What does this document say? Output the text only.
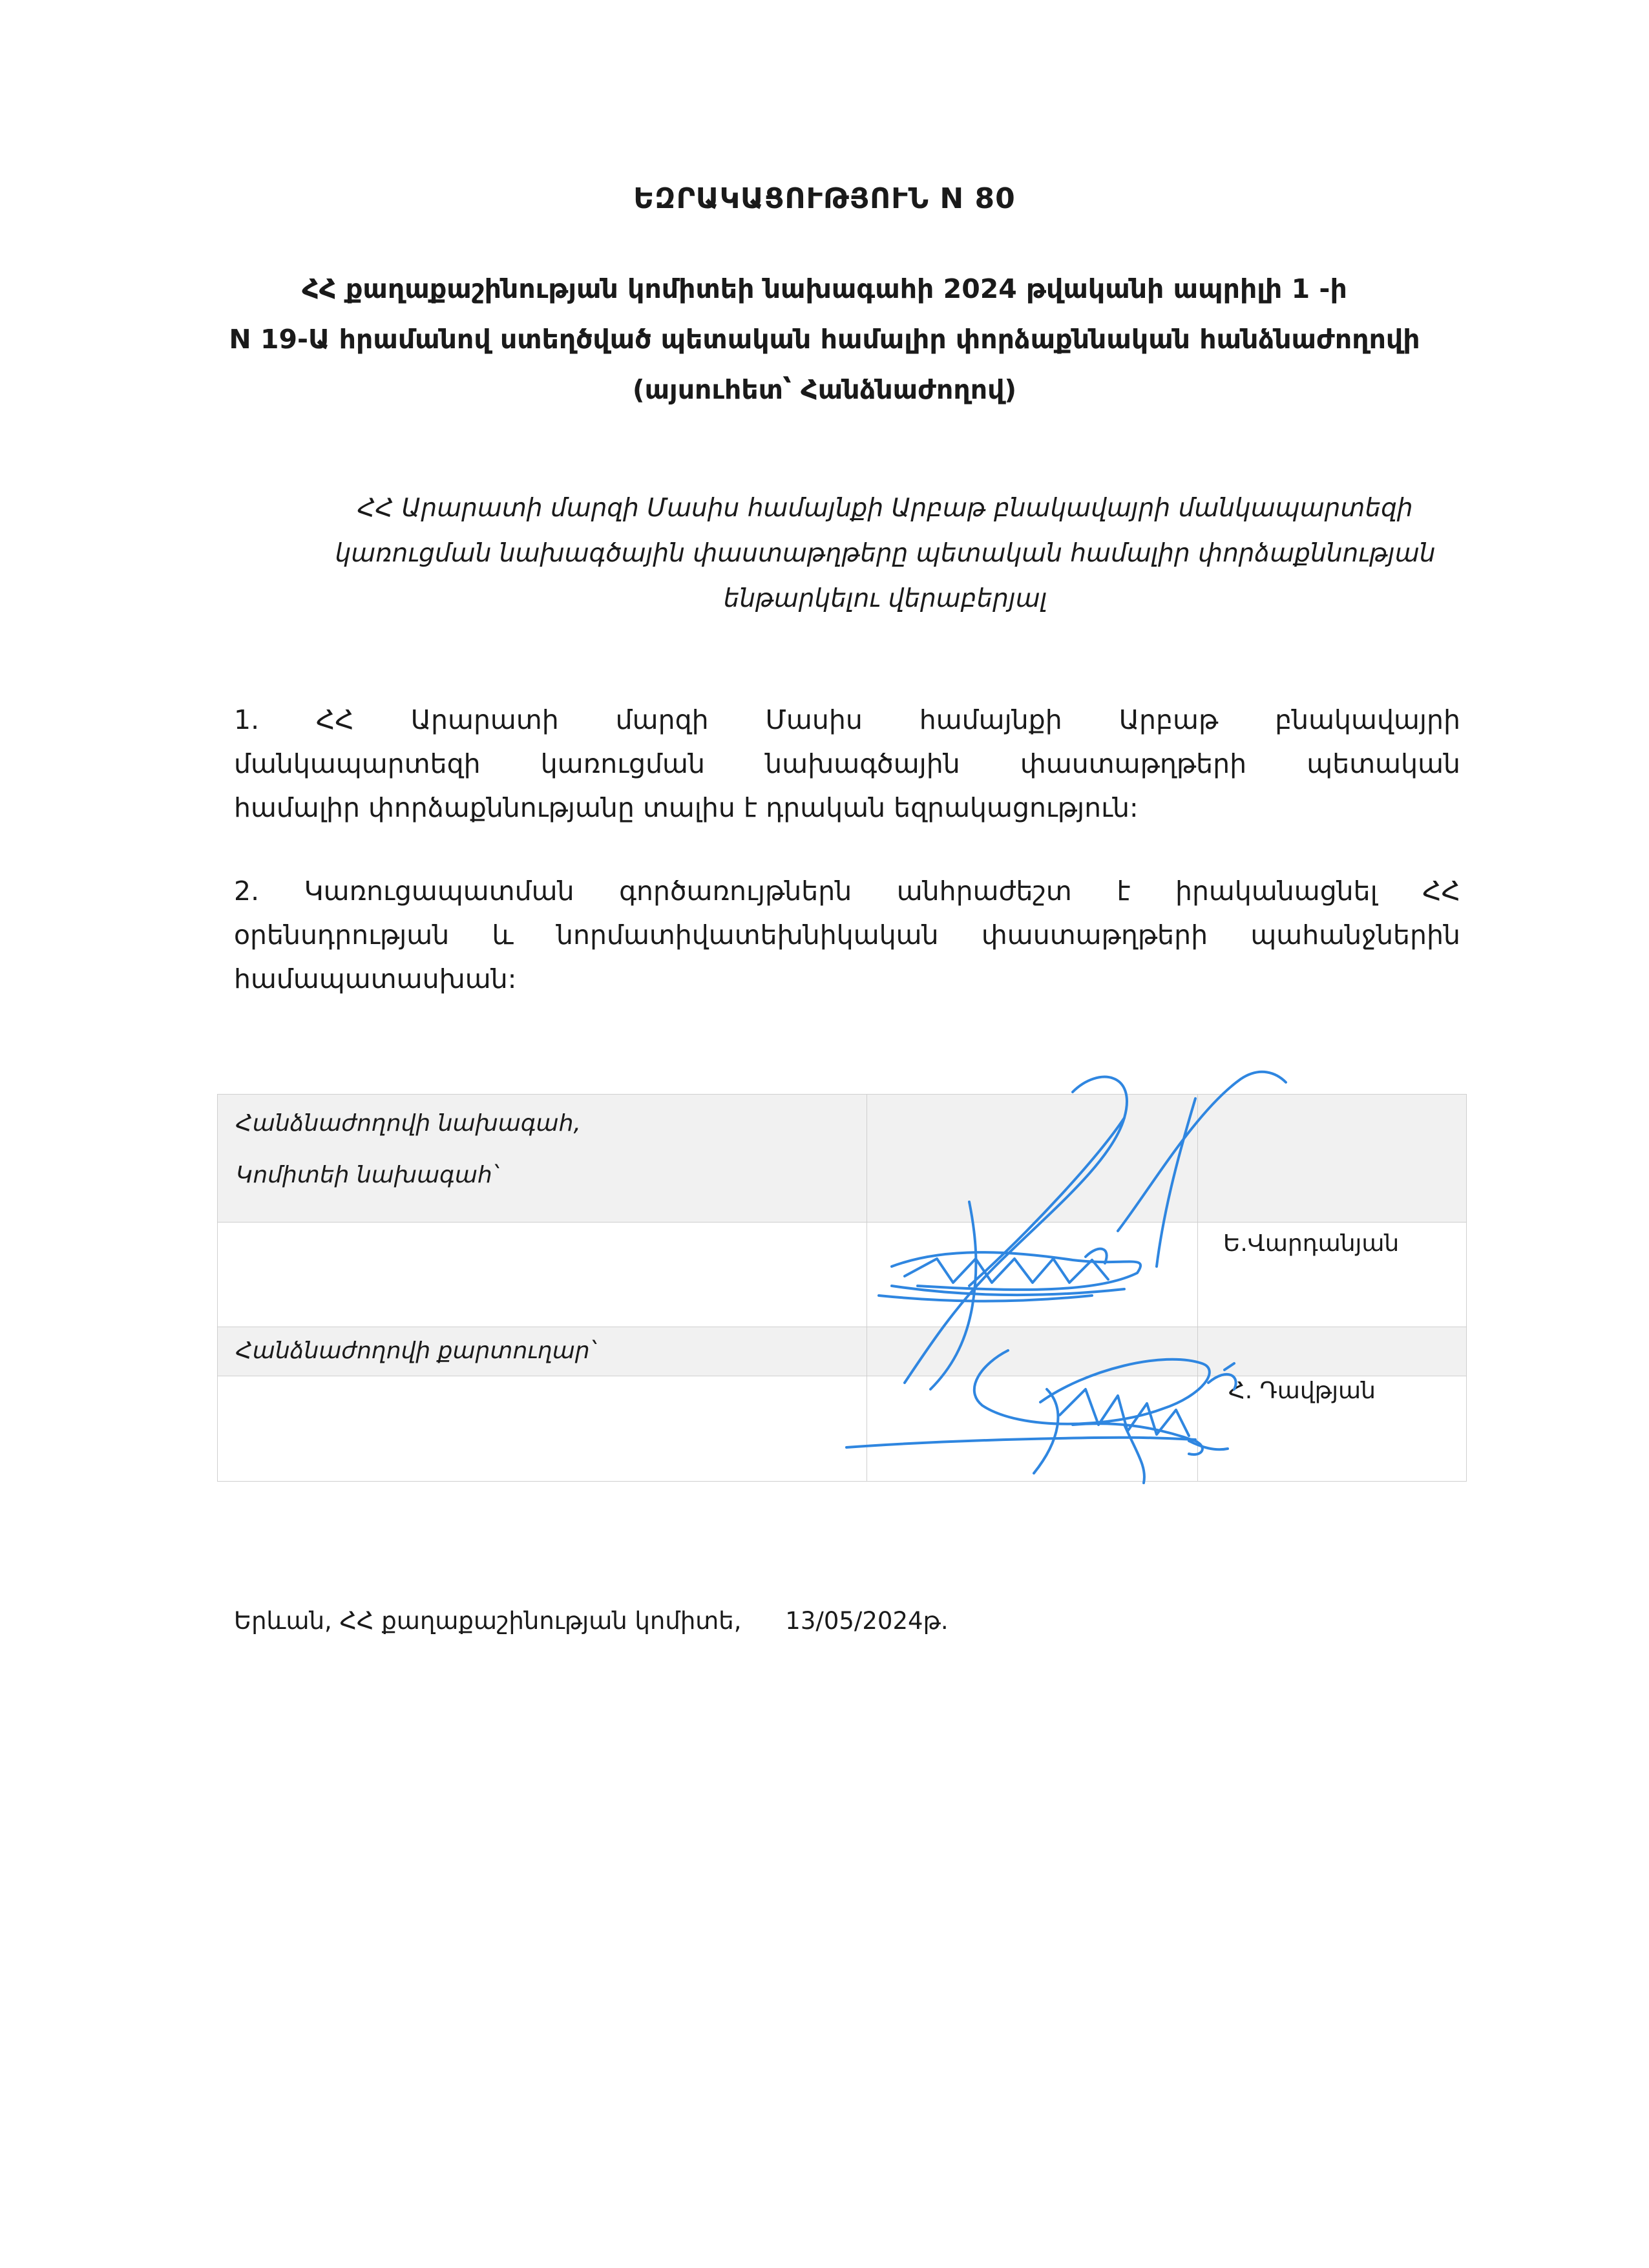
ԵԶՐԱԿԱՑՈՒԹՅՈՒՆ N 80
ՀՀ քաղաքաշինության կոմիտեի նախագահի 2024 թվականի ապրիլի 1 -ի
N 19-Ա հրամանով ստեղծված պետական համալիր փորձաքննական հանձնաժողովի
(այսուհետ՝ Հանձնաժողով)
ՀՀ Արարատի մարզի Մասիս համայնքի Արբաթ բնակավայրի մանկապարտեզի
կառուցման նախագծային փաստաթղթերը պետական համալիր փորձաքննության
ենթարկելու վերաբերյալ
1. ՀՀ Արարատի մարզի Մասիս համայնքի Արբաթ բնակավայրի
մանկապարտեզի կառուցման նախագծային փաստաթղթերի պետական
համալիր փորձաքննությանը տալիս է դրական եզրակացություն:
2. Կառուցապատման գործառույթներն անհրաժեշտ է իրականացնել ՀՀ
օրենսդրության և նորմատիվատեխնիկական փաստաթղթերի պահանջներին
համապատասխան:
Հանձնաժողովի նախագահ,
Կոմիտեի նախագահ՝
Ե.Վարդանյան
Հանձնաժողովի քարտուղար՝
Հ. Դավթյան
Երևան, ՀՀ քաղաքաշինության կոմիտե, 13/05/2024թ.
